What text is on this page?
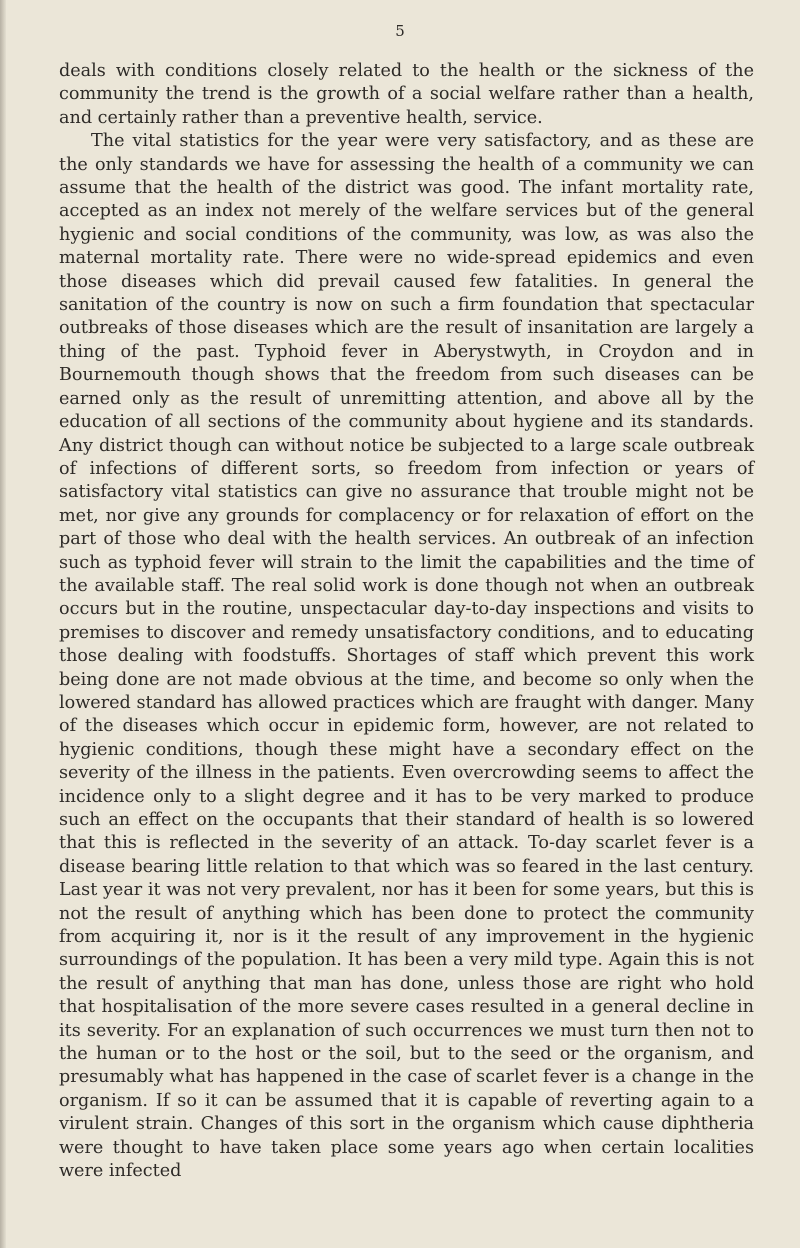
5

deals with conditions closely related to the health or the sickness of the community the trend is the growth of a social welfare rather than a health, and certainly rather than a preventive health, service.

The vital statistics for the year were very satisfactory, and as these are the only standards we have for assessing the health of a community we can assume that the health of the district was good. The infant mortality rate, accepted as an index not merely of the welfare services but of the general hygienic and social conditions of the community, was low, as was also the maternal mortality rate. There were no wide-spread epidemics and even those diseases which did prevail caused few fatalities. In general the sanitation of the country is now on such a firm foundation that spectacular outbreaks of those diseases which are the result of insanitation are largely a thing of the past. Typhoid fever in Aberystwyth, in Croydon and in Bournemouth though shows that the freedom from such diseases can be earned only as the result of unremitting attention, and above all by the education of all sections of the community about hygiene and its standards. Any district though can without notice be subjected to a large scale outbreak of infections of different sorts, so freedom from infection or years of satisfactory vital statistics can give no assurance that trouble might not be met, nor give any grounds for complacency or for relaxation of effort on the part of those who deal with the health services. An outbreak of an infection such as typhoid fever will strain to the limit the capabilities and the time of the available staff. The real solid work is done though not when an outbreak occurs but in the routine, unspectacular day-to-day inspections and visits to premises to discover and remedy unsatisfactory conditions, and to educating those dealing with foodstuffs. Shortages of staff which prevent this work being done are not made obvious at the time, and become so only when the lowered standard has allowed practices which are fraught with danger. Many of the diseases which occur in epidemic form, however, are not related to hygienic conditions, though these might have a secondary effect on the severity of the illness in the patients. Even overcrowding seems to affect the incidence only to a slight degree and it has to be very marked to produce such an effect on the occupants that their standard of health is so lowered that this is reflected in the severity of an attack. To-day scarlet fever is a disease bearing little relation to that which was so feared in the last century. Last year it was not very prevalent, nor has it been for some years, but this is not the result of anything which has been done to protect the community from acquiring it, nor is it the result of any improvement in the hygienic surroundings of the population. It has been a very mild type. Again this is not the result of anything that man has done, unless those are right who hold that hospitalisation of the more severe cases resulted in a general decline in its severity. For an explanation of such occurrences we must turn then not to the human or to the host or the soil, but to the seed or the organism, and presumably what has happened in the case of scarlet fever is a change in the organism. If so it can be assumed that it is capable of reverting again to a virulent strain. Changes of this sort in the organism which cause diphtheria were thought to have taken place some years ago when certain localities were infected
